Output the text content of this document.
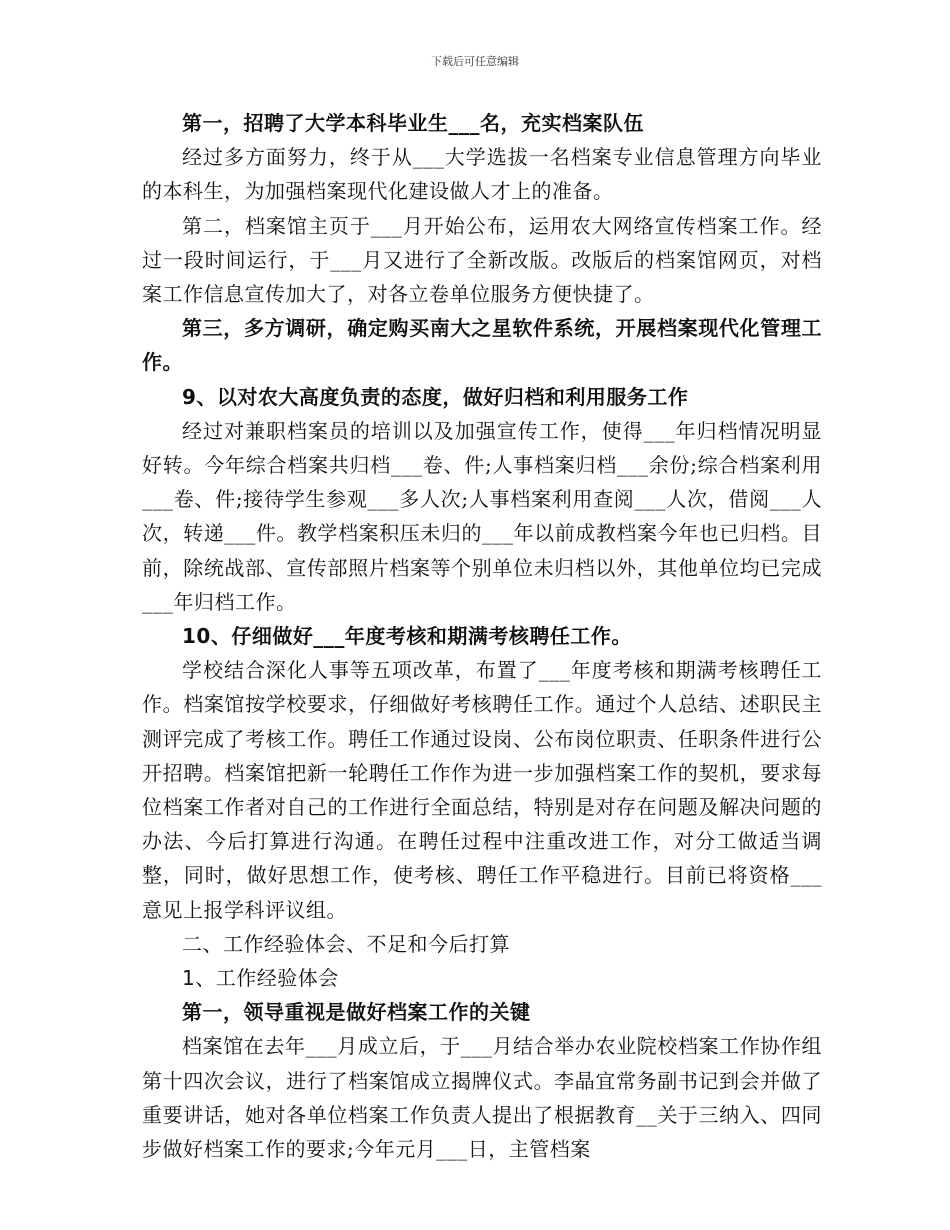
下载后可任意编辑

第一，招聘了大学本科毕业生___名，充实档案队伍

经过多方面努力，终于从___大学选拔一名档案专业信息管理方向毕业的本科生，为加强档案现代化建设做人才上的准备。

第二，档案馆主页于___月开始公布，运用农大网络宣传档案工作。经过一段时间运行，于___月又进行了全新改版。改版后的档案馆网页，对档案工作信息宣传加大了，对各立卷单位服务方便快捷了。

第三，多方调研，确定购买南大之星软件系统，开展档案现代化管理工作。

9、以对农大高度负责的态度，做好归档和利用服务工作

经过对兼职档案员的培训以及加强宣传工作，使得___年归档情况明显好转。今年综合档案共归档___卷、件;人事档案归档___余份;综合档案利用___卷、件;接待学生参观___多人次;人事档案利用查阅___人次，借阅___人次，转递___件。教学档案积压未归的___年以前成教档案今年也已归档。目前，除统战部、宣传部照片档案等个别单位未归档以外，其他单位均已完成___年归档工作。

10、仔细做好___年度考核和期满考核聘任工作。

学校结合深化人事等五项改革，布置了___年度考核和期满考核聘任工作。档案馆按学校要求，仔细做好考核聘任工作。通过个人总结、述职民主测评完成了考核工作。聘任工作通过设岗、公布岗位职责、任职条件进行公开招聘。档案馆把新一轮聘任工作作为进一步加强档案工作的契机，要求每位档案工作者对自己的工作进行全面总结，特别是对存在问题及解决问题的办法、今后打算进行沟通。在聘任过程中注重改进工作，对分工做适当调整，同时，做好思想工作，使考核、聘任工作平稳进行。目前已将资格___意见上报学科评议组。

二、工作经验体会、不足和今后打算

1、工作经验体会

第一，领导重视是做好档案工作的关键

档案馆在去年___月成立后，于___月结合举办农业院校档案工作协作组第十四次会议，进行了档案馆成立揭牌仪式。李晶宜常务副书记到会并做了重要讲话，她对各单位档案工作负责人提出了根据教育__关于三纳入、四同步做好档案工作的要求;今年元月___日，主管档案
